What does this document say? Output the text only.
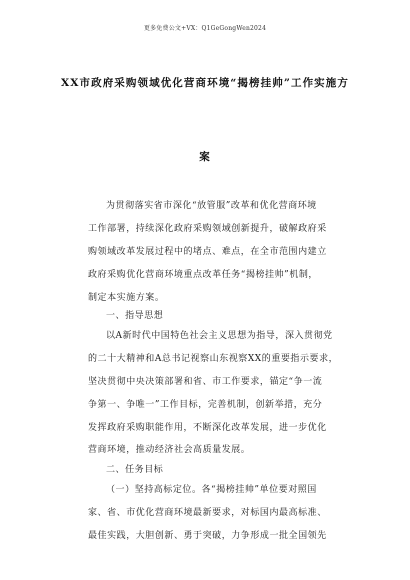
更多免费公文+VX：Q1GeGongWen2024
XX市政府采购领域优化营商环境“揭榜挂帅”工作实施方
案
为贯彻落实省市深化“放管服”改革和优化营商环境
工作部署，持续深化政府采购领域创新提升，破解政府采
购领域改革发展过程中的堵点、难点，在全市范围内建立
政府采购优化营商环境重点改革任务“揭榜挂帅”机制，
制定本实施方案。
一、指导思想
以A新时代中国特色社会主义思想为指导，深入贯彻党
的二十大精神和A总书记视察山东视察XX的重要指示要求，
坚决贯彻中央决策部署和省、市工作要求，锚定“争一流
争第一、争唯一”工作目标，完善机制，创新举措，充分
发挥政府采购职能作用，不断深化改革发展，进一步优化
营商环境，推动经济社会高质量发展。
二、任务目标
（一）坚持高标定位。各“揭榜挂帅”单位要对照国
家、省、市优化营商环境最新要求，对标国内最高标准、
最佳实践，大胆创新、勇于突破，力争形成一批全国领先
